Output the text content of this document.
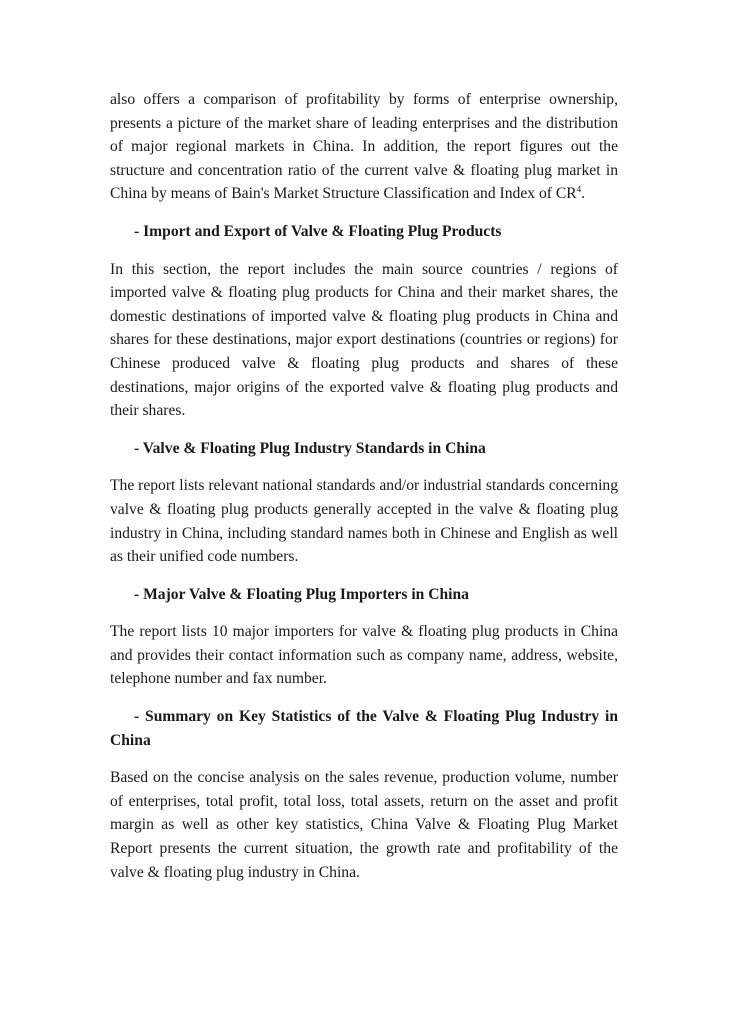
also offers a comparison of profitability by forms of enterprise ownership, presents a picture of the market share of leading enterprises and the distribution of major regional markets in China. In addition, the report figures out the structure and concentration ratio of the current valve & floating plug market in China by means of Bain's Market Structure Classification and Index of $CR^4$.

- Import and Export of Valve & Floating Plug Products

In this section, the report includes the main source countries / regions of imported valve & floating plug products for China and their market shares, the domestic destinations of imported valve & floating plug products in China and shares for these destinations, major export destinations (countries or regions) for Chinese produced valve & floating plug products and shares of these destinations, major origins of the exported valve & floating plug products and their shares.

- Valve & Floating Plug Industry Standards in China

The report lists relevant national standards and/or industrial standards concerning valve & floating plug products generally accepted in the valve & floating plug industry in China, including standard names both in Chinese and English as well as their unified code numbers.

- Major Valve & Floating Plug Importers in China

The report lists 10 major importers for valve & floating plug products in China and provides their contact information such as company name, address, website, telephone number and fax number.

- Summary on Key Statistics of the Valve & Floating Plug Industry in China

Based on the concise analysis on the sales revenue, production volume, number of enterprises, total profit, total loss, total assets, return on the asset and profit margin as well as other key statistics, China Valve & Floating Plug Market Report presents the current situation, the growth rate and profitability of the valve & floating plug industry in China.
